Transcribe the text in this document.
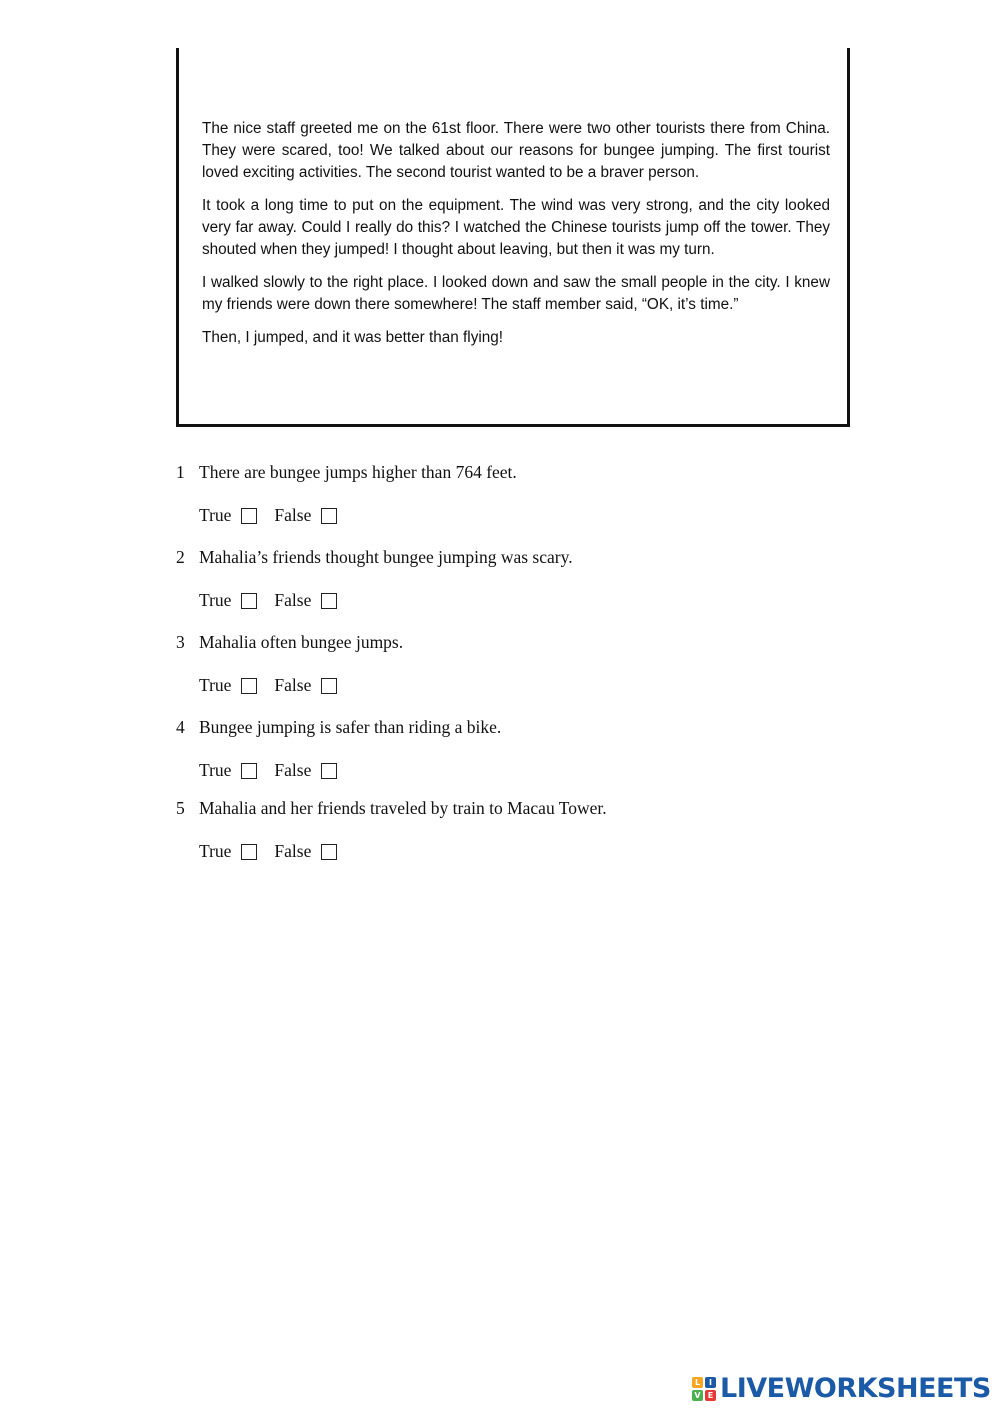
The nice staff greeted me on the 61st floor. There were two other tourists there from China. They were scared, too! We talked about our reasons for bungee jumping. The first tourist loved exciting activities. The second tourist wanted to be a braver person.

It took a long time to put on the equipment. The wind was very strong, and the city looked very far away. Could I really do this? I watched the Chinese tourists jump off the tower. They shouted when they jumped! I thought about leaving, but then it was my turn.

I walked slowly to the right place. I looked down and saw the small people in the city. I knew my friends were down there somewhere! The staff member said, “OK, it’s time.”

Then, I jumped, and it was better than flying!

1 There are bungee jumps higher than 764 feet.
True False
2 Mahalia’s friends thought bungee jumping was scary.
True False
3 Mahalia often bungee jumps.
True False
4 Bungee jumping is safer than riding a bike.
True False
5 Mahalia and her friends traveled by train to Macau Tower.
True False
L	I
V E LIVEWORKSHEETS
